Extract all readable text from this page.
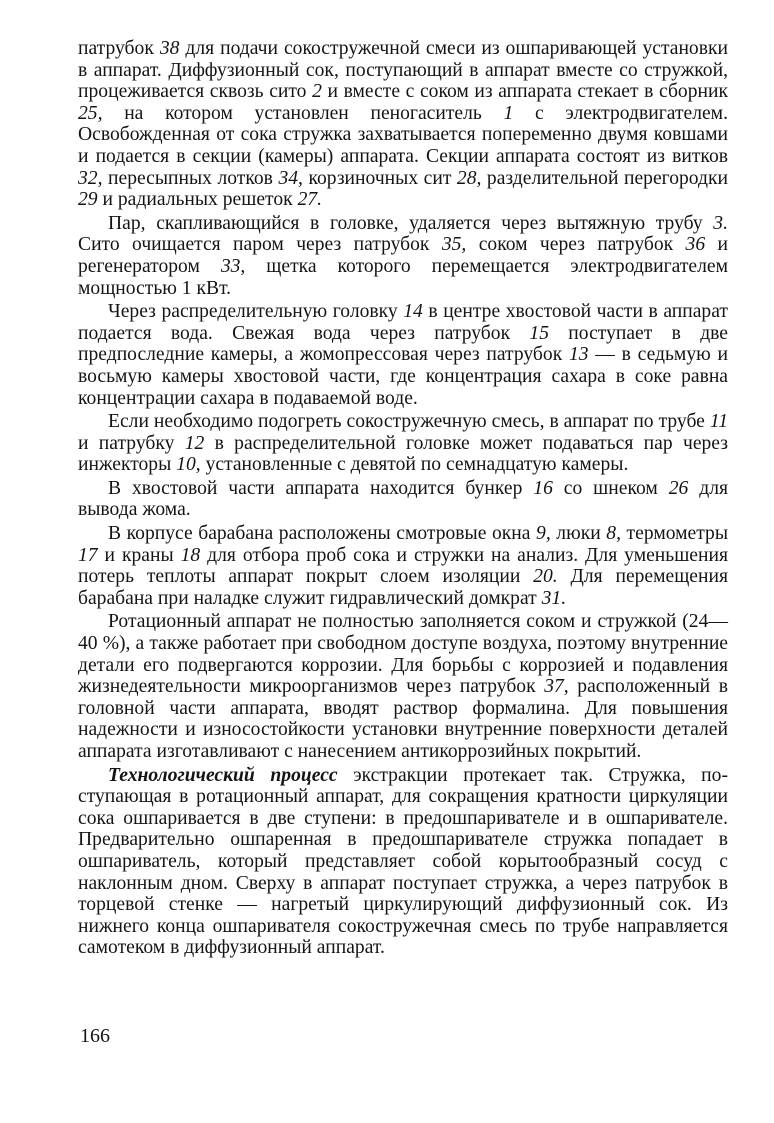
патрубок 38 для подачи сокостружечной смеси из ошпаривающей установки в аппарат. Диффузионный сок, поступающий в аппарат вместе со стружкой, процеживается сквозь сито 2 и вместе с соком из аппарата стекает в сборник 25, на котором установлен пеногаситель 1 с электродвигателем. Освобожденная от сока стружка захватывается попеременно двумя ковшами и подается в секции (камеры) аппарата. Секции аппарата состоят из витков 32, пересыпных лотков 34, корзиночных сит 28, разделительной перегородки 29 и радиальных решеток 27.

Пар, скапливающийся в головке, удаляется через вытяжную трубу 3. Сито очищается паром через патрубок 35, соком через патрубок 36 и регенератором 33, щетка которого перемещается электродвигателем мощностью 1 кВт.

Через распределительную головку 14 в центре хвостовой части в аппарат подается вода. Свежая вода через патрубок 15 поступает в две предпоследние камеры, а жомопрессовая через патрубок 13 — в седьмую и восьмую камеры хвостовой части, где концентрация сахара в соке равна концентрации сахара в подаваемой воде.

Если необходимо подогреть сокостружечную смесь, в аппарат по трубе 11 и патрубку 12 в распределительной головке может подаваться пар через инжекторы 10, установленные с девятой по семнадцатую камеры.

В хвостовой части аппарата находится бункер 16 со шнеком 26 для вывода жома.

В корпусе барабана расположены смотровые окна 9, люки 8, термометры 17 и краны 18 для отбора проб сока и стружки на анализ. Для уменьшения потерь теплоты аппарат покрыт слоем изоляции 20. Для перемещения барабана при наладке служит гидравлический домкрат 31.

Ротационный аппарат не полностью заполняется соком и стружкой (24—40 %), а также работает при свободном доступе воздуха, поэтому внутренние детали его подвергаются коррозии. Для борьбы с коррозией и подавления жизнедеятельности микроорганизмов через патрубок 37, расположенный в головной части аппарата, вводят раствор формалина. Для повышения надежности и износостойкости установки внутренние поверхности деталей аппарата изготавливают с нанесением антикоррозийных покрытий.

Технологический процесс экстракции протекает так. Стружка, поступающая в ротационный аппарат, для сокращения кратности циркуляции сока ошпаривается в две ступени: в предошпаривателе и в ошпаривателе. Предварительно ошпаренная в предошпаривателе стружка попадает в ошпариватель, который представляет собой корытообразный сосуд с наклонным дном. Сверху в аппарат поступает стружка, а через патрубок в торцевой стенке — нагретый циркулирующий диффузионный сок. Из нижнего конца ошпаривателя сокостружечная смесь по трубе направляется самотеком в диффузионный аппарат.

166
